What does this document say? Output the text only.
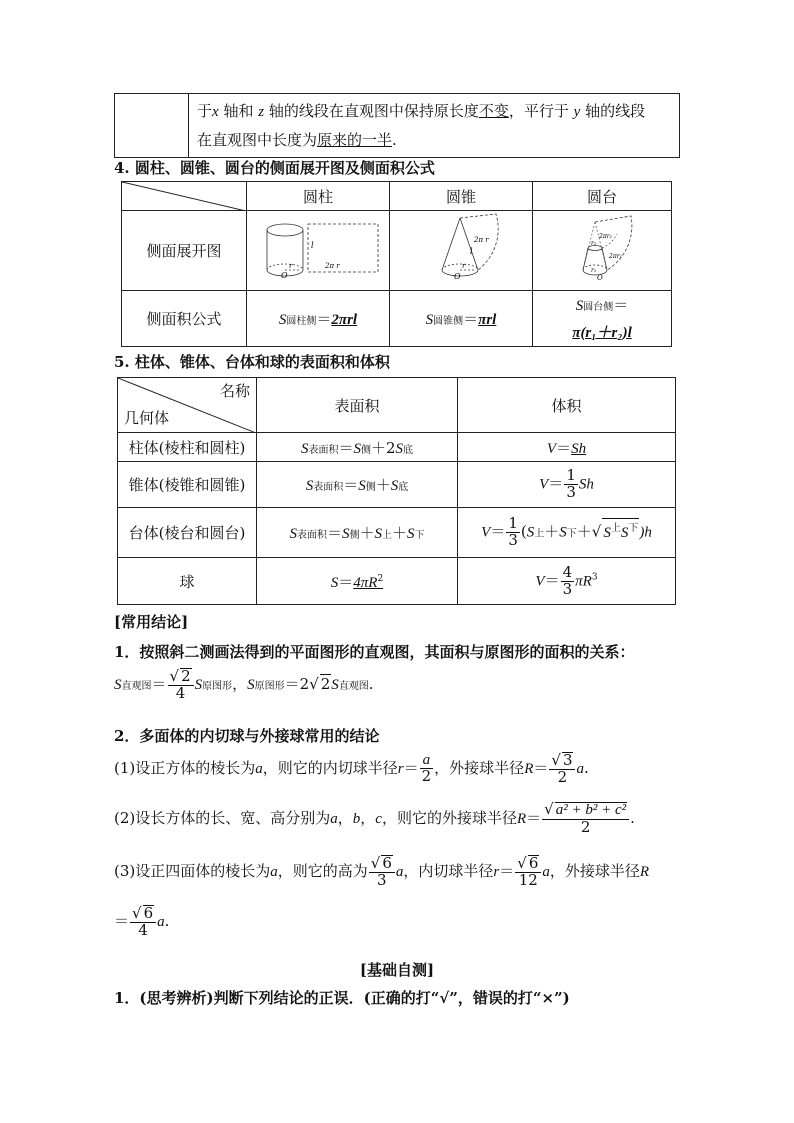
于x 轴和 z 轴的线段在直观图中保持原长度不变，平行于 y 轴的线段
在直观图中长度为原来的一半.
4. 圆柱、圆锥、圆台的侧面展开图及侧面积公式
	圆柱	圆锥	圆台
侧面展开图	l
2π r
r
O	2π r
l
r
O	2πr₂
2πr₁
r₂
r₁
O

侧面积公式	S圆柱侧＝2πrl	S圆锥侧＝πrl	S圆台侧＝
π(r₁＋r₂)l
5. 柱体、锥体、台体和球的表面积和体积
名称
几何体	表面积	体积
柱体(棱柱和圆柱)	S表面积＝S侧＋2S底	V＝Sh
锥体(棱锥和圆锥)	S表面积＝S侧＋S底	$V= \frac{1}{3}$ Sh
台体(棱台和圆台)	S表面积＝S侧＋S上＋S下	$V= \frac{1}{3} (S$上＋S下＋√ $S^上S^下)h$
球	$S=4\pi R^2$	$V= \frac{4}{3} \pi R^3$
[常用结论]
1．按照斜二测画法得到的平面图形的直观图，其面积与原图形的面积的关系：
S直观图＝ $\frac{√ 2}{4}$ S原图形，S原图形＝2√ 2S直观图.
2．多面体的内切球与外接球常用的结论
(1)设正方体的棱长为a，则它的内切球半径$r= \frac{a}{2}$ ，外接球半径$R= \frac{√ 3}{2} a$.
(2)设长方体的长、宽、高分别为a，b，c，则它的外接球半径$R= \frac{\text{√ a² + b² + c²}}{2}$ .
(3)设正四面体的棱长为a，则它的高为 $\frac{√ 6}{3}$ a，内切球半径$r= \frac{√ 6}{12}$ a，外接球半径R
＝ $\frac{√ 6}{4} a$.
[基础自测]
1．(思考辨析)判断下列结论的正误．(正确的打“√”，错误的打“×”)
